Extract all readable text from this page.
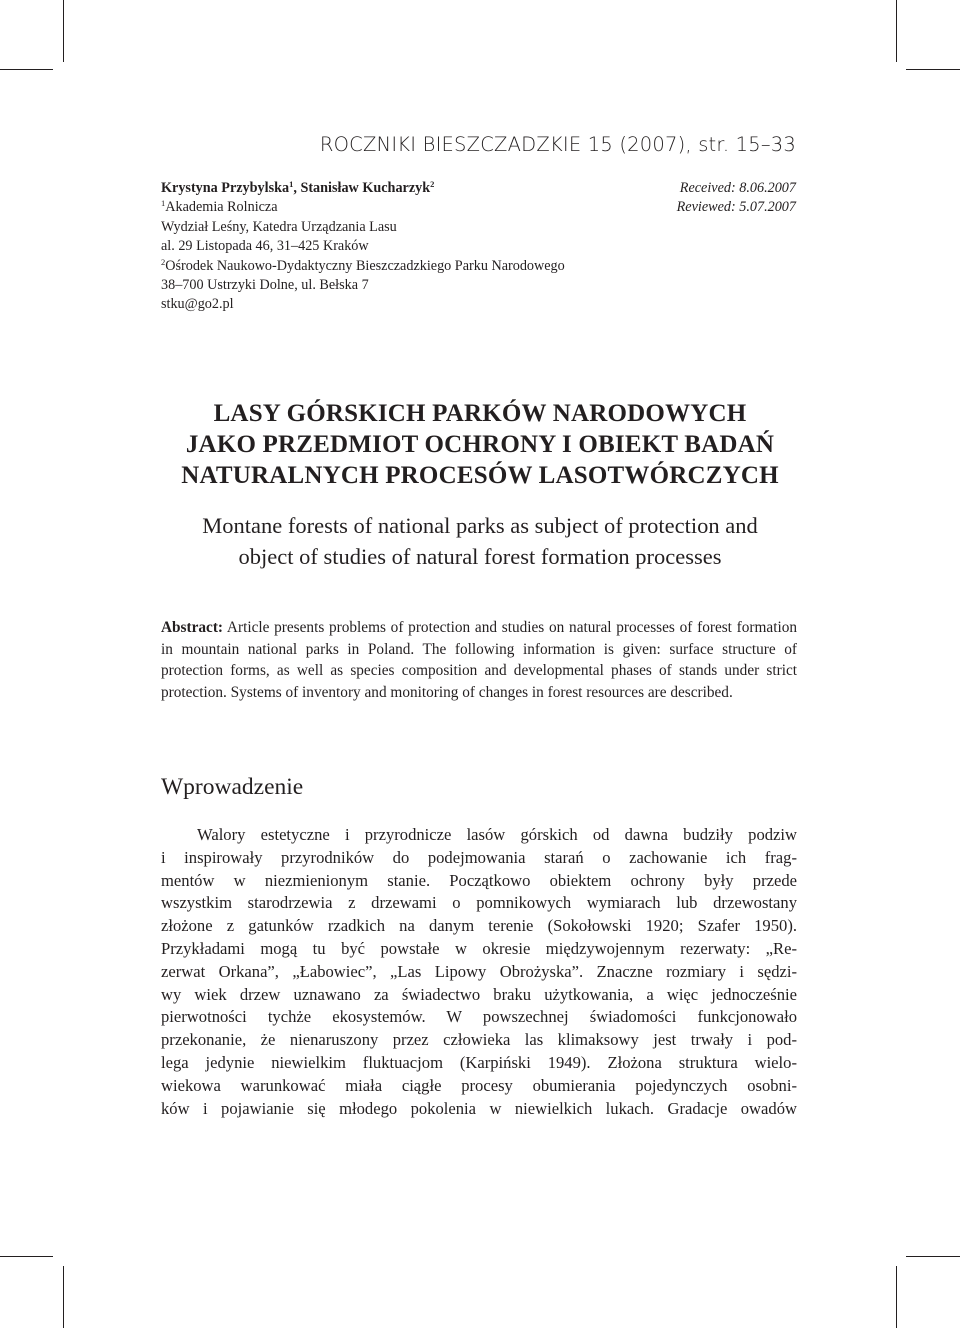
ROCZNIKI BIESZCZADZKIE 15 (2007), str. 15–33
Krystyna Przybylska$^1$, Stanisław Kucharzyk$^2$
$^1$Akademia Rolnicza
Wydział Leśny, Katedra Urządzania Lasu
al. 29 Listopada 46, 31–425 Kraków
$^2$Ośrodek Naukowo-Dydaktyczny Bieszczadzkiego Parku Narodowego
38–700 Ustrzyki Dolne, ul. Bełska 7
stku@go2.pl
Received: 8.06.2007
Reviewed: 5.07.2007
LASY GÓRSKICH PARKÓW NARODOWYCH
JAKO PRZEDMIOT OCHRONY I OBIEKT BADAŃ
NATURALNYCH PROCESÓW LASOTWÓRCZYCH
Montane forests of national parks as subject of protection and
object of studies of natural forest formation processes
Abstract: Article presents problems of protection and studies on natural processes of forest formation in mountain national parks in Poland. The following information is given: surface structure of protection forms, as well as species composition and developmental phases of stands under strict protection. Systems of inventory and monitoring of changes in forest resources are described.
Wprowadzenie
Walory estetyczne i przyrodnicze lasów górskich od dawna budziły podziw
i inspirowały przyrodników do podejmowania starań o zachowanie ich frag-
mentów w niezmienionym stanie. Początkowo obiektem ochrony były przede
wszystkim starodrzewia z drzewami o pomnikowych wymiarach lub drzewostany
złożone z gatunków rzadkich na danym terenie (Sokołowski 1920; Szafer 1950).
Przykładami mogą tu być powstałe w okresie międzywojennym rezerwaty: „Re-
zerwat Orkana”, „Łabowiec”, „Las Lipowy Obrożyska”. Znaczne rozmiary i sędzi-
wy wiek drzew uznawano za świadectwo braku użytkowania, a więc jednocześnie
pierwotności tychże ekosystemów. W powszechnej świadomości funkcjonowało
przekonanie, że nienaruszony przez człowieka las klimaksowy jest trwały i pod-
lega jedynie niewielkim fluktuacjom (Karpiński 1949). Złożona struktura wielo-
wiekowa warunkować miała ciągłe procesy obumierania pojedynczych osobni-
ków i pojawianie się młodego pokolenia w niewielkich lukach. Gradacje owadów
